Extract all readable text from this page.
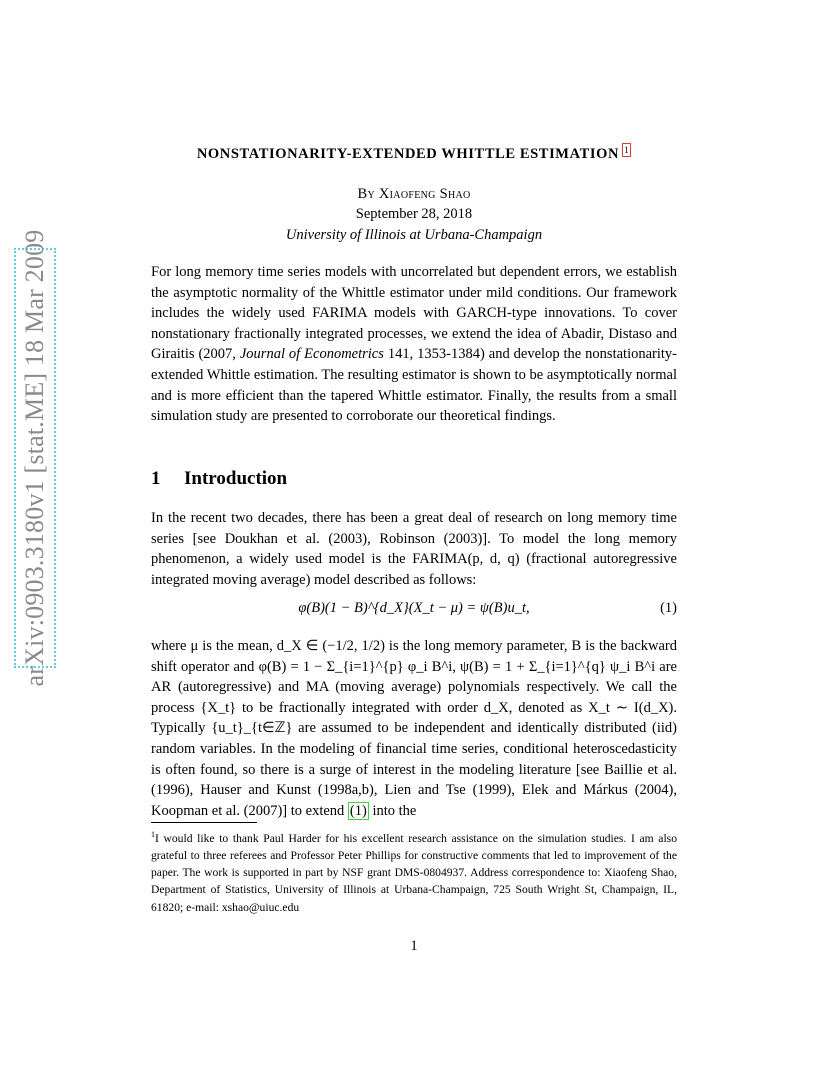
arXiv:0903.3180v1 [stat.ME] 18 Mar 2009
NONSTATIONARITY-EXTENDED WHITTLE ESTIMATION 1
By Xiaofeng Shao
September 28, 2018
University of Illinois at Urbana-Champaign
For long memory time series models with uncorrelated but dependent errors, we establish the asymptotic normality of the Whittle estimator under mild conditions. Our framework includes the widely used FARIMA models with GARCH-type innovations. To cover nonstationary fractionally integrated processes, we extend the idea of Abadir, Distaso and Giraitis (2007, Journal of Econometrics 141, 1353-1384) and develop the nonstationarity-extended Whittle estimation. The resulting estimator is shown to be asymptotically normal and is more efficient than the tapered Whittle estimator. Finally, the results from a small simulation study are presented to corroborate our theoretical findings.
1 Introduction
In the recent two decades, there has been a great deal of research on long memory time series [see Doukhan et al. (2003), Robinson (2003)]. To model the long memory phenomenon, a widely used model is the FARIMA(p, d, q) (fractional autoregressive integrated moving average) model described as follows:
φ(B)(1 − B)^{d_X}(X_t − μ) = ψ(B)u_t,	(1)
where μ is the mean, d_X ∈ (−1/2, 1/2) is the long memory parameter, B is the backward shift operator and φ(B) = 1 − Σ_{i=1}^{p} φ_i B^i, ψ(B) = 1 + Σ_{i=1}^{q} ψ_i B^i are AR (autoregressive) and MA (moving average) polynomials respectively. We call the process {X_t} to be fractionally integrated with order d_X, denoted as X_t ∼ I(d_X). Typically {u_t}_{t∈ℤ} are assumed to be independent and identically distributed (iid) random variables. In the modeling of financial time series, conditional heteroscedasticity is often found, so there is a surge of interest in the modeling literature [see Baillie et al. (1996), Hauser and Kunst (1998a,b), Lien and Tse (1999), Elek and Márkus (2004), Koopman et al. (2007)] to extend (1) into the
$^1$I would like to thank Paul Harder for his excellent research assistance on the simulation studies. I am also grateful to three referees and Professor Peter Phillips for constructive comments that led to improvement of the paper. The work is supported in part by NSF grant DMS-0804937. Address correspondence to: Xiaofeng Shao, Department of Statistics, University of Illinois at Urbana-Champaign, 725 South Wright St, Champaign, IL, 61820; e-mail: xshao@uiuc.edu
1
